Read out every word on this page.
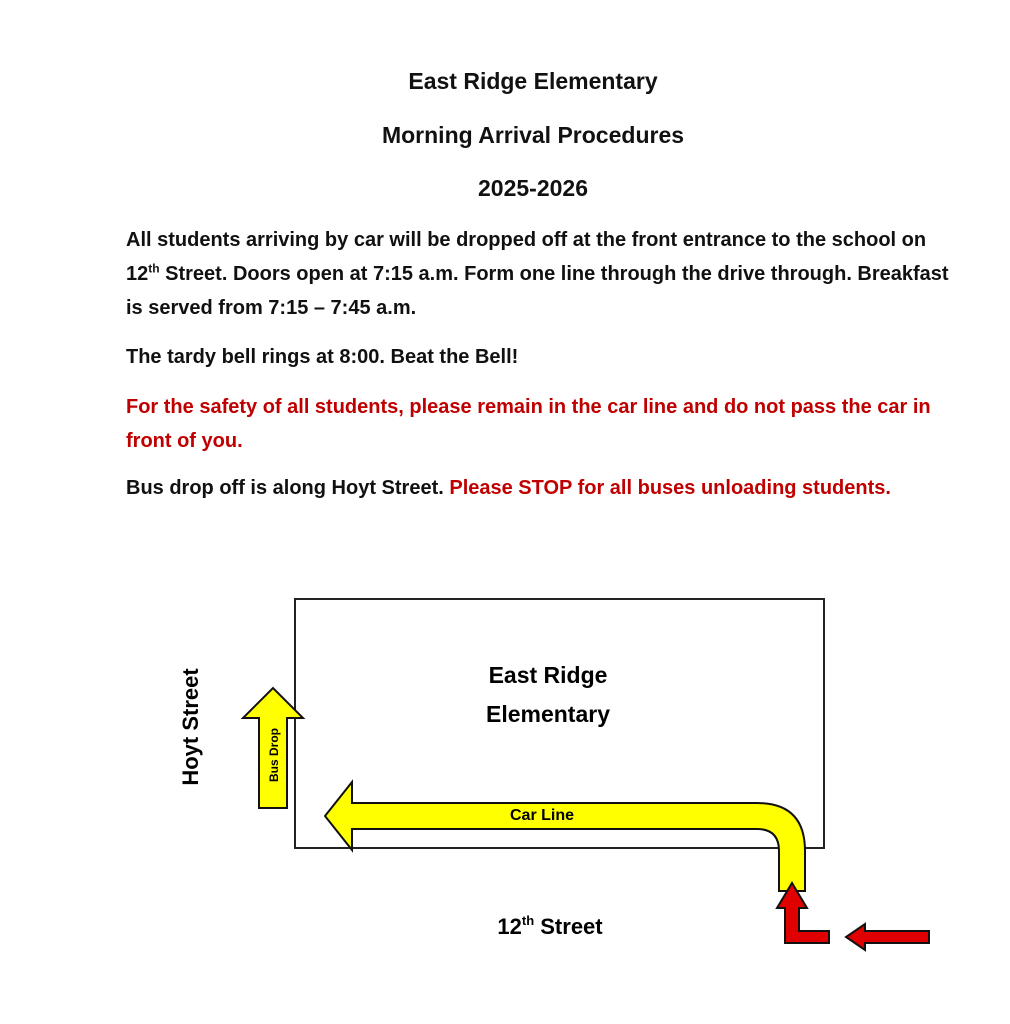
East Ridge Elementary
Morning Arrival Procedures
2025-2026

All students arriving by car will be dropped off at the front entrance to the school on 12th Street. Doors open at 7:15 a.m. Form one line through the drive through. Breakfast is served from 7:15 – 7:45 a.m.

The tardy bell rings at 8:00. Beat the Bell!

For the safety of all students, please remain in the car line and do not pass the car in front of you.

Bus drop off is along Hoyt Street. Please STOP for all buses unloading students.

East Ridge
Elementary
Hoyt Street	Bus Drop
Car Line
12th Street
